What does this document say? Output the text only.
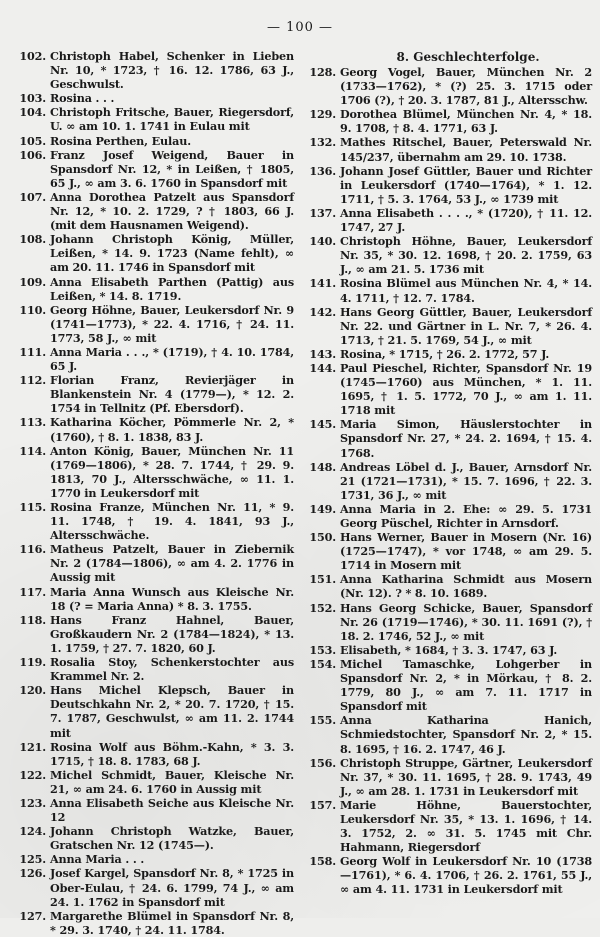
— 100 —
102. Christoph Habel, Schenker in Lieben Nr. 10, * 1723, † 16. 12. 1786, 63 J., Geschwulst.
103. Rosina . . .
104. Christoph Fritsche, Bauer, Riegersdorf, U. ∞ am 10. 1. 1741 in Eulau mit
105. Rosina Perthen, Eulau.
106. Franz Josef Weigend, Bauer in Spansdorf Nr. 12, * in Leißen, † 1805, 65 J., ∞ am 3. 6. 1760 in Spansdorf mit
107. Anna Dorothea Patzelt aus Spansdorf Nr. 12, * 10. 2. 1729, ? † 1803, 66 J. (mit dem Hausnamen Weigend).
108. Johann Christoph König, Müller, Leißen, * 14. 9. 1723 (Name fehlt), ∞ am 20. 11. 1746 in Spansdorf mit
109. Anna Elisabeth Parthen (Pattig) aus Leißen, * 14. 8. 1719.
110. Georg Höhne, Bauer, Leukersdorf Nr. 9 (1741—1773), * 22. 4. 1716, † 24. 11. 1773, 58 J., ∞ mit
111. Anna Maria . . ., * (1719), † 4. 10. 1784, 65 J.
112. Florian Franz, Revierjäger in Blankenstein Nr. 4 (1779—), * 12. 2. 1754 in Tellnitz (Pf. Ebersdorf).
113. Katharina Köcher, Pömmerle Nr. 2, * (1760), † 8. 1. 1838, 83 J.
114. Anton König, Bauer, München Nr. 11 (1769—1806), * 28. 7. 1744, † 29. 9. 1813, 70 J., Altersschwäche, ∞ 11. 1. 1770 in Leukersdorf mit
115. Rosina Franze, München Nr. 11, * 9. 11. 1748, † 19. 4. 1841, 93 J., Altersschwäche.
116. Matheus Patzelt, Bauer in Ziebernik Nr. 2 (1784—1806), ∞ am 4. 2. 1776 in Aussig mit
117. Maria Anna Wunsch aus Kleische Nr. 18 (? = Maria Anna) * 8. 3. 1755.
118. Hans Franz Hahnel, Bauer, Großkaudern Nr. 2 (1784—1824), * 13. 1. 1759, † 27. 7. 1820, 60 J.
119. Rosalia Stoy, Schenkerstochter aus Krammel Nr. 2.
120. Hans Michel Klepsch, Bauer in Deutschkahn Nr. 2, * 20. 7. 1720, † 15. 7. 1787, Geschwulst, ∞ am 11. 2. 1744 mit
121. Rosina Wolf aus Böhm.-Kahn, * 3. 3. 1715, † 18. 8. 1783, 68 J.
122. Michel Schmidt, Bauer, Kleische Nr. 21, ∞ am 24. 6. 1760 in Aussig mit
123. Anna Elisabeth Seiche aus Kleische Nr. 12
124. Johann Christoph Watzke, Bauer, Gratschen Nr. 12 (1745—).
125. Anna Maria . . .
126. Josef Kargel, Spansdorf Nr. 8, * 1725 in Ober-Eulau, † 24. 6. 1799, 74 J., ∞ am 24. 1. 1762 in Spansdorf mit
127. Margarethe Blümel in Spansdorf Nr. 8, * 29. 3. 1740, † 24. 11. 1784.
8. Geschlechterfolge.
128. Georg Vogel, Bauer, München Nr. 2 (1733—1762), * (?) 25. 3. 1715 oder 1706 (?), † 20. 3. 1787, 81 J., Altersschw.
129. Dorothea Blümel, München Nr. 4, * 18. 9. 1708, † 8. 4. 1771, 63 J.
132. Mathes Ritschel, Bauer, Peterswald Nr. 145/237, übernahm am 29. 10. 1738.
136. Johann Josef Güttler, Bauer und Richter in Leukersdorf (1740—1764), * 1. 12. 1711, † 5. 3. 1764, 53 J., ∞ 1739 mit
137. Anna Elisabeth . . . ., * (1720), † 11. 12. 1747, 27 J.
140. Christoph Höhne, Bauer, Leukersdorf Nr. 35, * 30. 12. 1698, † 20. 2. 1759, 63 J., ∞ am 21. 5. 1736 mit
141. Rosina Blümel aus München Nr. 4, * 14. 4. 1711, † 12. 7. 1784.
142. Hans Georg Güttler, Bauer, Leukersdorf Nr. 22. und Gärtner in L. Nr. 7, * 26. 4. 1713, † 21. 5. 1769, 54 J., ∞ mit
143. Rosina, * 1715, † 26. 2. 1772, 57 J.
144. Paul Pieschel, Richter, Spansdorf Nr. 19 (1745—1760) aus München, * 1. 11. 1695, † 1. 5. 1772, 70 J., ∞ am 1. 11. 1718 mit
145. Maria Simon, Häuslerstochter in Spansdorf Nr. 27, * 24. 2. 1694, † 15. 4. 1768.
148. Andreas Löbel d. J., Bauer, Arnsdorf Nr. 21 (1721—1731), * 15. 7. 1696, † 22. 3. 1731, 36 J., ∞ mit
149. Anna Maria in 2. Ehe: ∞ 29. 5. 1731 Georg Püschel, Richter in Arnsdorf.
150. Hans Werner, Bauer in Mosern (Nr. 16) (1725—1747), * vor 1748, ∞ am 29. 5. 1714 in Mosern mit
151. Anna Katharina Schmidt aus Mosern (Nr. 12). ? * 8. 10. 1689.
152. Hans Georg Schicke, Bauer, Spansdorf Nr. 26 (1719—1746), * 30. 11. 1691 (?), † 18. 2. 1746, 52 J., ∞ mit
153. Elisabeth, * 1684, † 3. 3. 1747, 63 J.
154. Michel Tamaschke, Lohgerber in Spansdorf Nr. 2, * in Mörkau, † 8. 2. 1779, 80 J., ∞ am 7. 11. 1717 in Spansdorf mit
155. Anna Katharina Hanich, Schmiedstochter, Spansdorf Nr. 2, * 15. 8. 1695, † 16. 2. 1747, 46 J.
156. Christoph Struppe, Gärtner, Leukersdorf Nr. 37, * 30. 11. 1695, † 28. 9. 1743, 49 J., ∞ am 28. 1. 1731 in Leukersdorf mit
157. Marie Höhne, Bauerstochter, Leukersdorf Nr. 35, * 13. 1. 1696, † 14. 3. 1752, 2. ∞ 31. 5. 1745 mit Chr. Hahmann, Riegersdorf
158. Georg Wolf in Leukersdorf Nr. 10 (1738—1761), * 6. 4. 1706, † 26. 2. 1761, 55 J., ∞ am 4. 11. 1731 in Leukersdorf mit
